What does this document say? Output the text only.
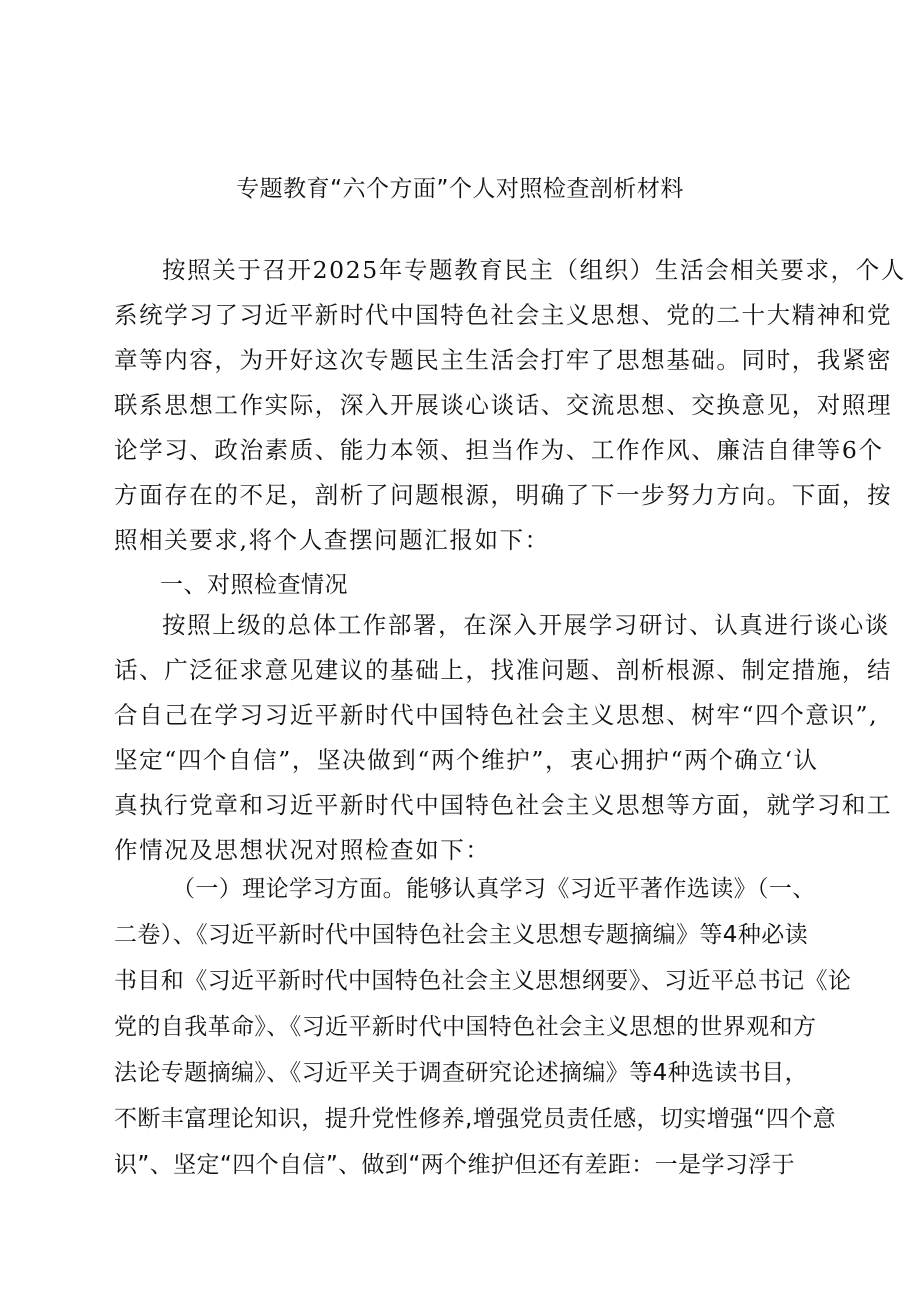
专题教育“六个方面”个人对照检查剖析材料
按照关于召开2025年专题教育民主（组织）生活会相关要求，个人
系统学习了习近平新时代中国特色社会主义思想、党的二十大精神和党
章等内容，为开好这次专题民主生活会打牢了思想基础。同时，我紧密
联系思想工作实际，深入开展谈心谈话、交流思想、交换意见，对照理
论学习、政治素质、能力本领、担当作为、工作作风、廉洁自律等6个
方面存在的不足，剖析了问题根源，明确了下一步努力方向。下面，按
照相关要求,将个人查摆问题汇报如下：
一、对照检查情况
按照上级的总体工作部署，在深入开展学习研讨、认真进行谈心谈
话、广泛征求意见建议的基础上，找准问题、剖析根源、制定措施，结
合自己在学习习近平新时代中国特色社会主义思想、树牢“四个意识”,
坚定“四个自信”，坚决做到“两个维护”，衷心拥护“两个确立‘认
真执行党章和习近平新时代中国特色社会主义思想等方面，就学习和工
作情况及思想状况对照检查如下：
（一）理论学习方面。能够认真学习《习近平著作选读》（一、
二卷）、《习近平新时代中国特色社会主义思想专题摘编》等4种必读
书目和《习近平新时代中国特色社会主义思想纲要》、习近平总书记《论
党的自我革命》、《习近平新时代中国特色社会主义思想的世界观和方
法论专题摘编》、《习近平关于调查研究论述摘编》等4种选读书目，
不断丰富理论知识，提升党性修养,增强党员责任感，切实增强“四个意
识”、坚定“四个自信”、做到“两个维护但还有差距：一是学习浮于
